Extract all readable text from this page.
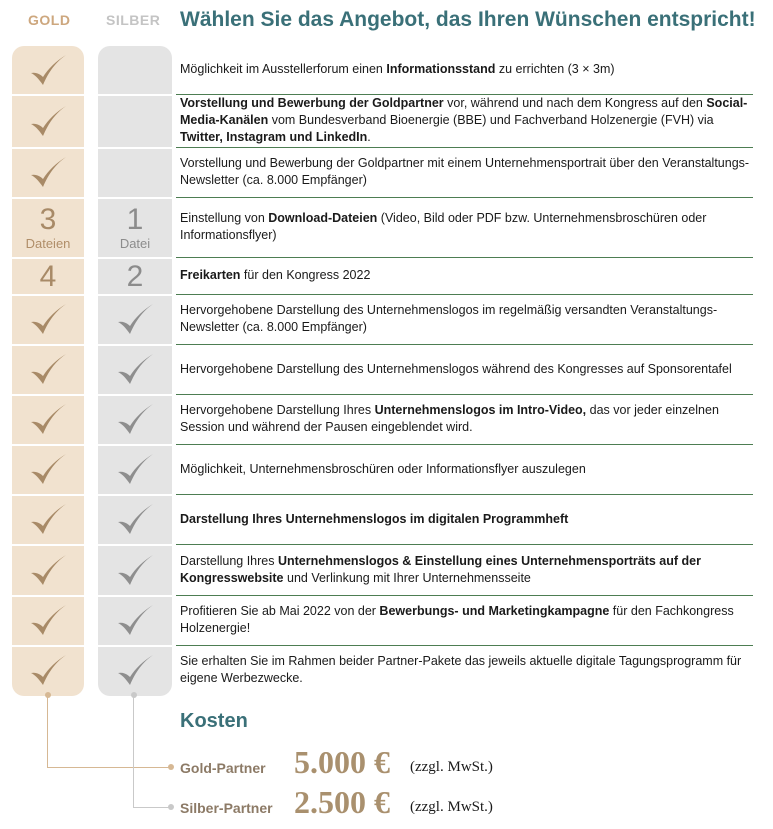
GOLD	SILBER Wählen Sie das Angebot, das Ihren Wünschen entspricht!
Möglichkeit im Ausstellerforum einen Informationsstand zu errichten (3 × 3m)
Vorstellung und Bewerbung der Goldpartner vor, während und nach dem Kongress auf den Social-Media-Kanälen vom Bundesverband Bioenergie (BBE) und Fachverband Holzenergie (FVH) via Twitter, Instagram und LinkedIn.
Vorstellung und Bewerbung der Goldpartner mit einem Unternehmensportrait über den Veranstaltungs-Newsletter (ca. 8.000 Empfänger)
3
Dateien
1
Datei
Einstellung von Download-Dateien (Video, Bild oder PDF bzw. Unternehmensbroschüren oder Informationsflyer)
4 2	Freikarten für den Kongress 2022
Hervorgehobene Darstellung des Unternehmenslogos im regelmäßig versandten Veranstaltungs-Newsletter (ca. 8.000 Empfänger)
Hervorgehobene Darstellung des Unternehmenslogos während des Kongresses auf Sponsorentafel
Hervorgehobene Darstellung Ihres Unternehmenslogos im Intro-Video, das vor jeder einzelnen Session und während der Pausen eingeblendet wird.
Möglichkeit, Unternehmensbroschüren oder Informationsflyer auszulegen
Darstellung Ihres Unternehmenslogos im digitalen Programmheft
Darstellung Ihres Unternehmenslogos & Einstellung eines Unternehmensporträts auf der Kongresswebsite und Verlinkung mit Ihrer Unternehmensseite
Profitieren Sie ab Mai 2022 von der Bewerbungs- und Marketingkampagne für den Fachkongress Holzenergie!
Sie erhalten Sie im Rahmen beider Partner-Pakete das jeweils aktuelle digitale Tagungsprogramm für eigene Werbezwecke.
Kosten
Gold-Partner 5.000 € (zzgl. MwSt.)
Silber-Partner 2.500 € (zzgl. MwSt.)
